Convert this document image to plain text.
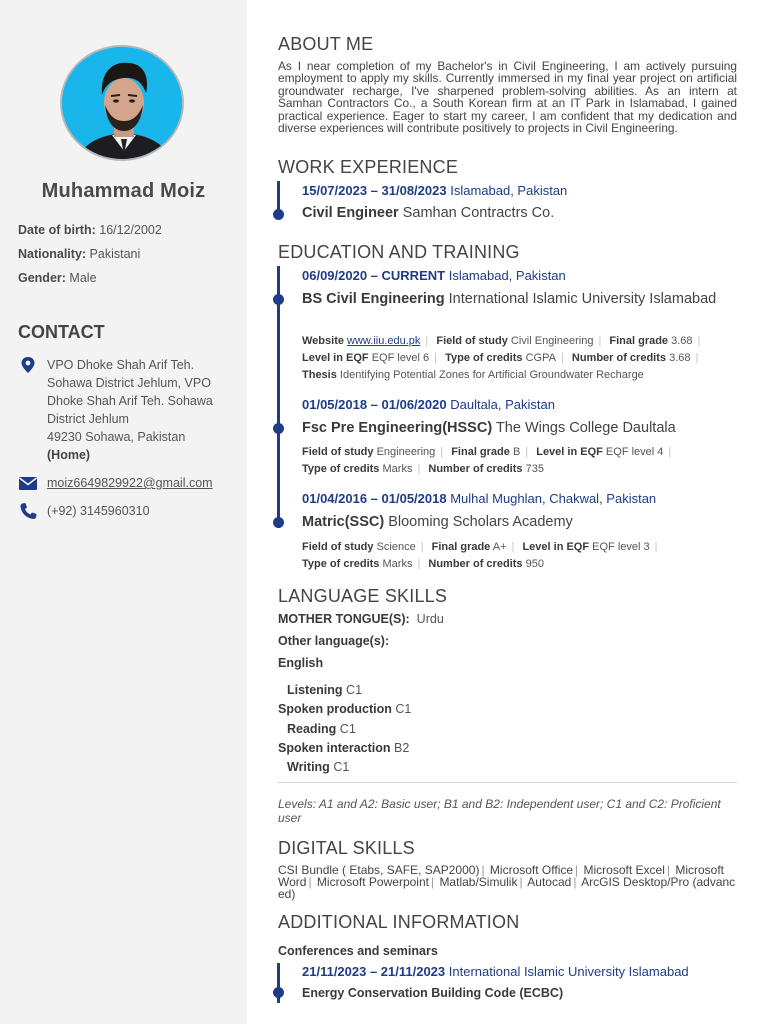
Muhammad Moiz
Date of birth: 16/12/2002
Nationality: Pakistani
Gender: Male
CONTACT
VPO Dhoke Shah Arif Teh.
Sohawa District Jehlum, VPO
Dhoke Shah Arif Teh. Sohawa
District Jehlum
49230 Sohawa, Pakistan
(Home)
moiz6649829922@gmail.com
(+92) 3145960310
ABOUT ME
As I near completion of my Bachelor's in Civil Engineering, I am actively pursuing employment to apply my skills. Currently immersed in my final year project on artificial groundwater recharge, I've sharpened problem-solving abilities. As an intern at Samhan Contractors Co., a South Korean firm at an IT Park in Islamabad, I gained practical experience. Eager to start my career, I am confident that my dedication and diverse experiences will contribute positively to projects in Civil Engineering.
WORK EXPERIENCE
15/07/2023 – 31/08/2023 Islamabad, Pakistan
Civil Engineer Samhan Contractrs Co.
EDUCATION AND TRAINING
06/09/2020 – CURRENT Islamabad, Pakistan
BS Civil Engineering International Islamic University Islamabad
Website www.iiu.edu.pk | Field of study Civil Engineering | Final grade 3.68 |
Level in EQF EQF level 6 | Type of credits CGPA | Number of credits 3.68 |
Thesis Identifying Potential Zones for Artificial Groundwater Recharge
01/05/2018 – 01/06/2020 Daultala, Pakistan
Fsc Pre Engineering(HSSC) The Wings College Daultala
Field of study Engineering | Final grade B | Level in EQF EQF level 4 |
Type of credits Marks | Number of credits 735
01/04/2016 – 01/05/2018 Mulhal Mughlan, Chakwal, Pakistan
Matric(SSC) Blooming Scholars Academy
Field of study Science | Final grade A+ | Level in EQF EQF level 3 |
Type of credits Marks | Number of credits 950
LANGUAGE SKILLS
MOTHER TONGUE(S): Urdu
Other language(s):
English
Listening C1
Spoken production C1
Reading C1
Spoken interaction B2
Writing C1
Levels: A1 and A2: Basic user; B1 and B2: Independent user; C1 and C2: Proficient user
DIGITAL SKILLS
CSI Bundle ( Etabs, SAFE, SAP2000) | Microsoft Office | Microsoft Excel | Microsoft Word | Microsoft Powerpoint | Matlab/Simulik | Autocad | ArcGIS Desktop/Pro (advanced)
ADDITIONAL INFORMATION
Conferences and seminars
21/11/2023 – 21/11/2023 International Islamic University Islamabad
Energy Conservation Building Code (ECBC)
